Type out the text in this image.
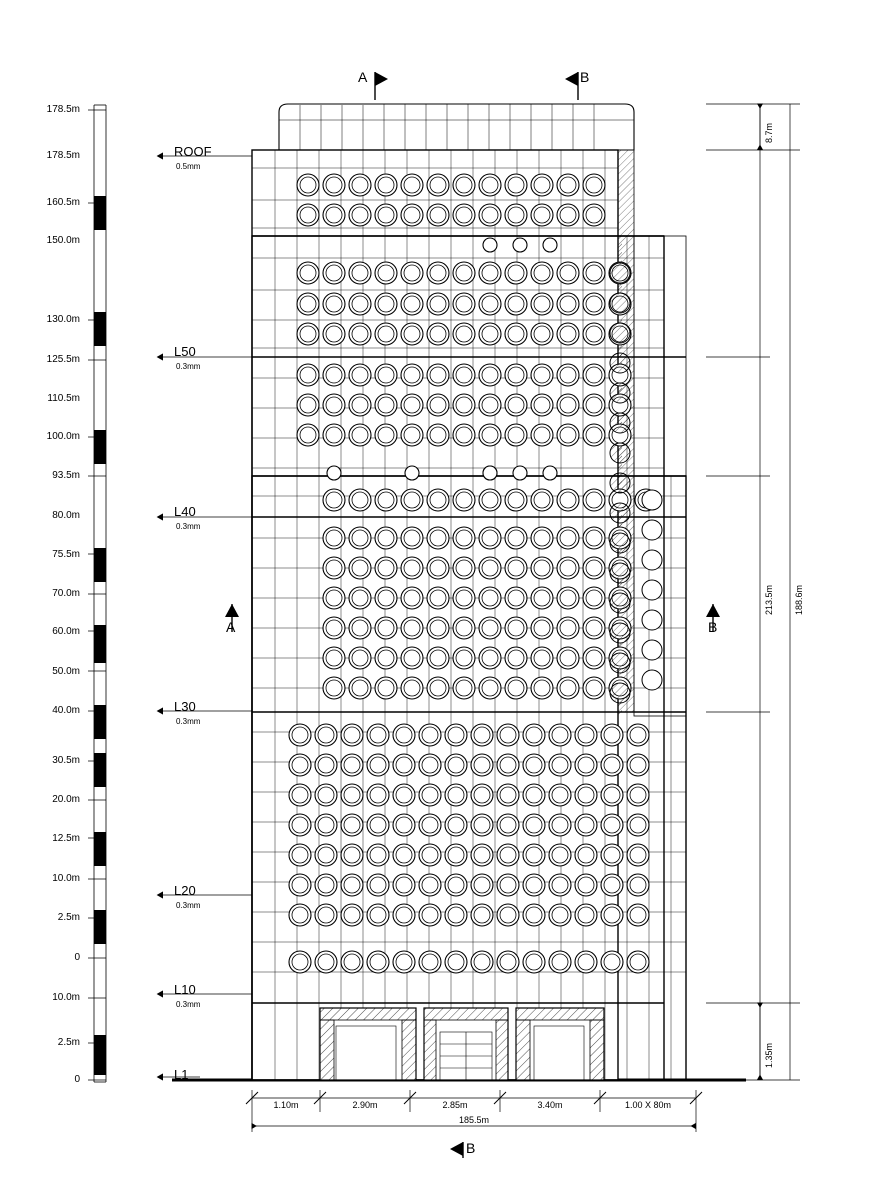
178.5m
178.5m
160.5m
150.0m
130.0m
125.5m
110.5m
100.0m
93.5m
80.0m
75.5m
70.0m
60.0m
50.0m
40.0m
30.5m
20.0m
12.5m
10.0m
2.5m
0
10.0m
2.5m
0
ROOF
0.5mm
L50
0.3mm
L40
0.3mm
L30
0.3mm
L20
0.3mm
L10
0.3mm
L1
A	B
A	B
B
8.7m
213.5m 188.6m
1.35m
1.10m	2.90m	2.85m	3.40m	1.00 X 80m
185.5m
